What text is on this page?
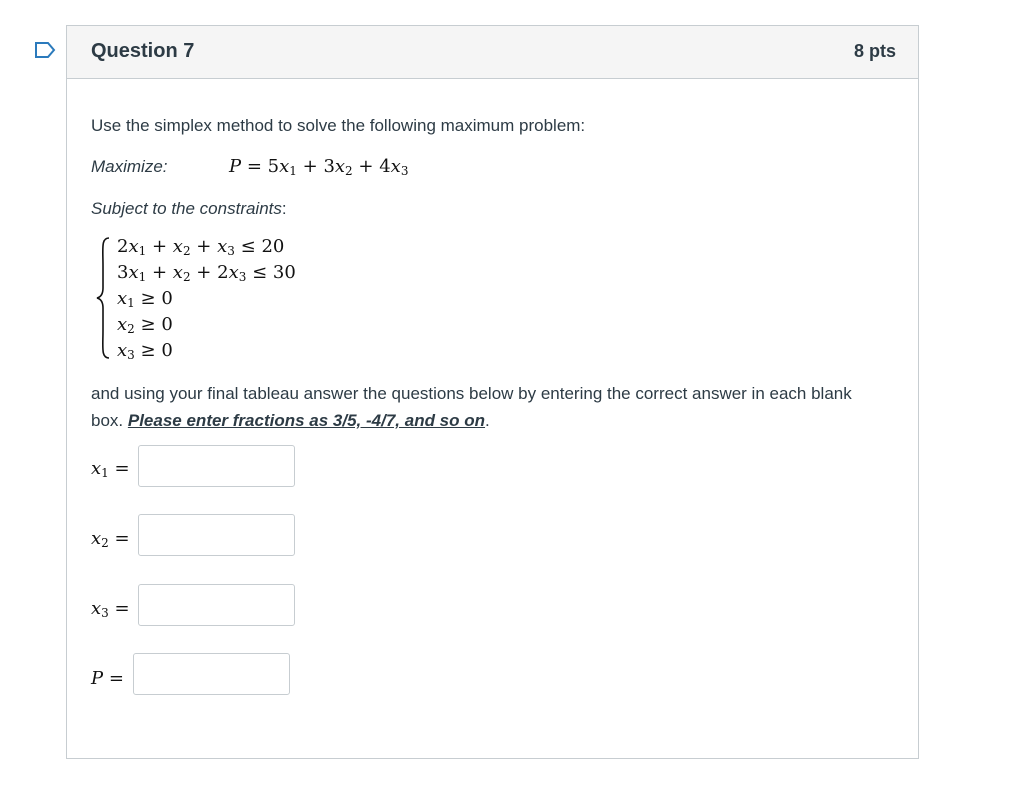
Question 7	8 pts
Use the simplex method to solve the following maximum problem:
Maximize:	$P = 5x_1 + 3x_2 + 4x_3$
Subject to the constraints:
$2x_1 + x_2 + x_3 \le 20$
$3x_1 + x_2 + 2x_3 \le 30$
$x_1 \ge 0$
$x_2 \ge 0$
$x_3 \ge 0$
and using your final tableau answer the questions below by entering the correct answer in each blank
box. Please enter fractions as 3/5, -4/7, and so on.
$x_1$ =
$x_2$ =
$x_3$ =
P =
